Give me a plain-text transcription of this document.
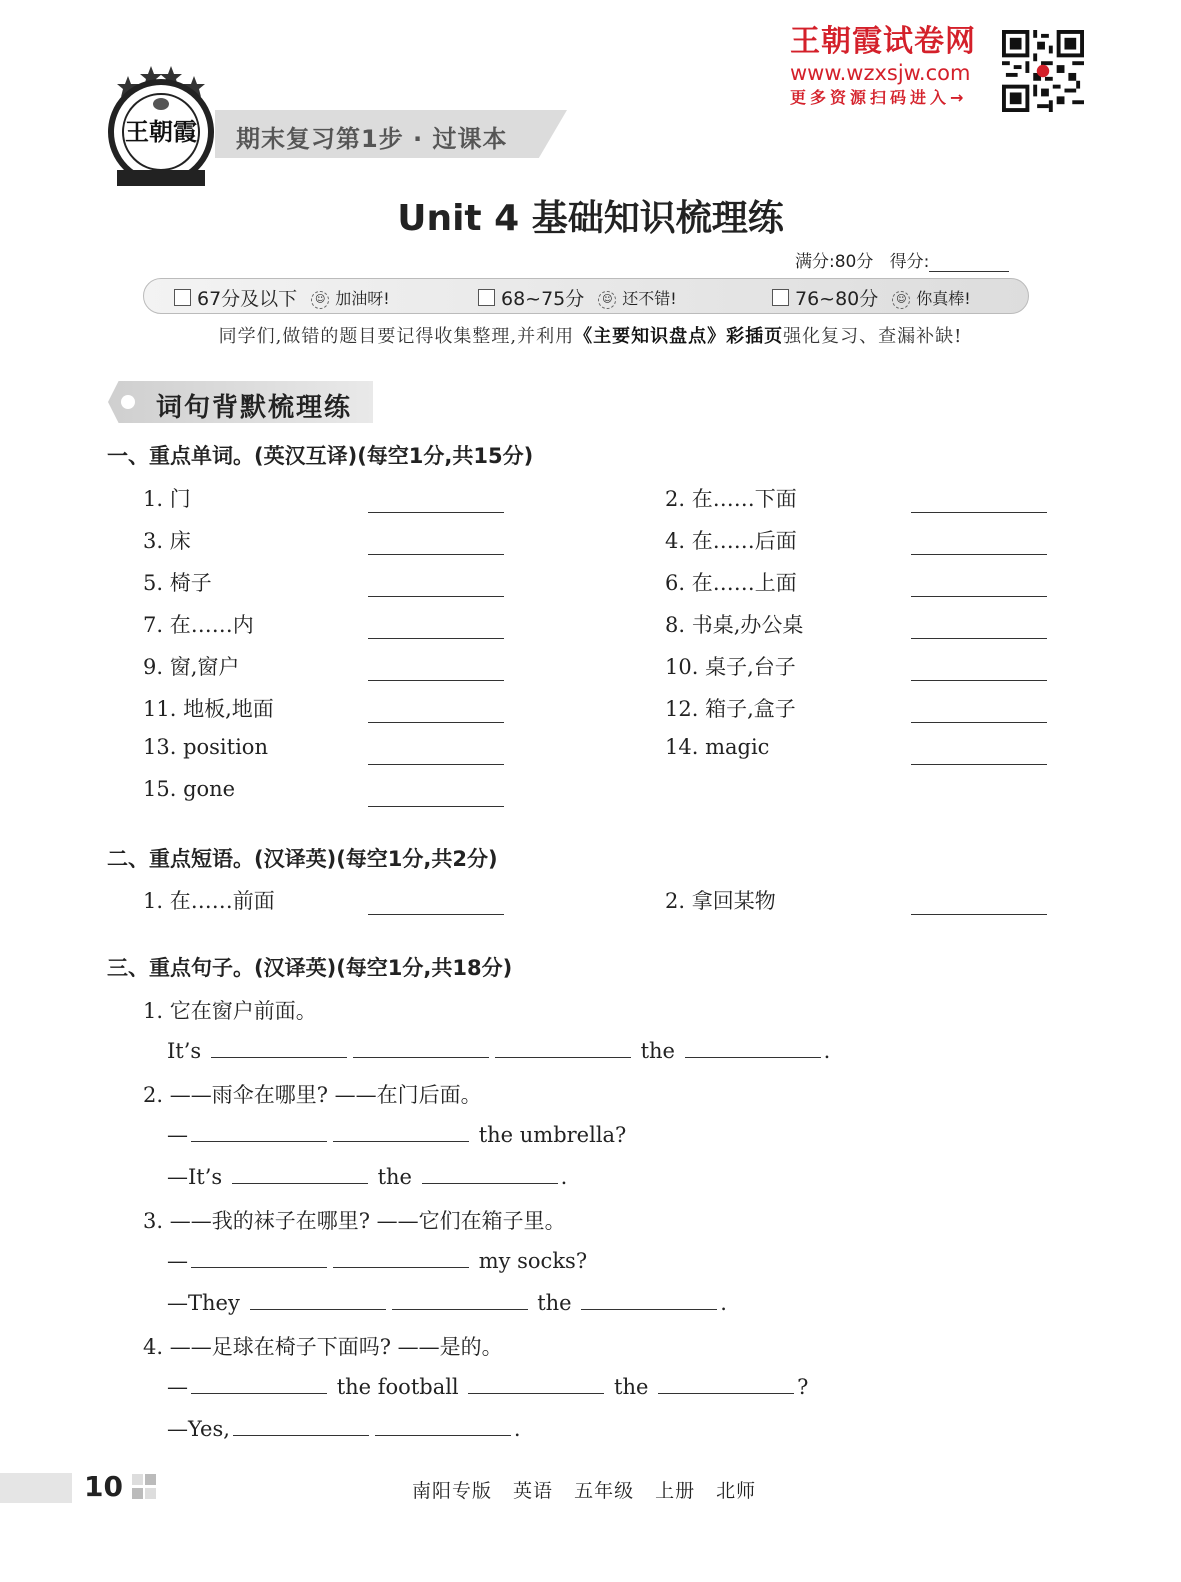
王朝霞 期末复习第1步 · 过课本
王朝霞试卷网
www.wzxsjw.com
更多资源扫码进入→
Unit 4 基础知识梳理练
满分:80分 得分:
67分及以下	☺ 加油呀!	68~75分	☺ 还不错!	76~80分	☺ 你真棒!
同学们,做错的题目要记得收集整理,并利用《主要知识盘点》彩插页强化复习、查漏补缺!
词句背默梳理练
一、重点单词。(英汉互译)(每空1分,共15分)
1. 门	2. 在……下面
3. 床	4. 在……后面
5. 椅子	6. 在……上面
7. 在……内	8. 书桌,办公桌
9. 窗,窗户	10. 桌子,台子
11. 地板,地面	12. 箱子,盒子
13. position	14. magic
15. gone
二、重点短语。(汉译英)(每空1分,共2分)
1. 在……前面	2. 拿回某物
三、重点句子。(汉译英)(每空1分,共18分)
1. 它在窗户前面。
It’s	the	.
2. ——雨伞在哪里? ——在门后面。
—	the umbrella?
—It’s	the	.
3. ——我的袜子在哪里? ——它们在箱子里。
—	my socks?
—They	the	.
4. ——足球在椅子下面吗? ——是的。
—	the football	the	?
—Yes,	.
10	南阳专版 英语 五年级 上册 北师
